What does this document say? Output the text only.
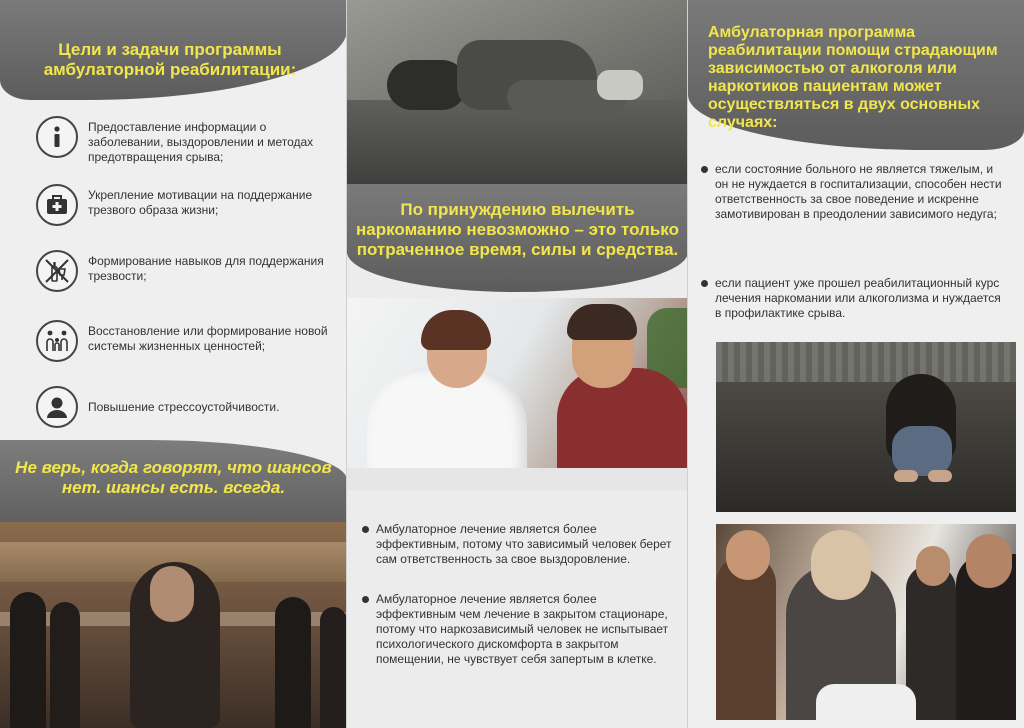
Цели и задачи программы амбулаторной реабилитации:

Предоставление информации о заболевании, выздоровлении и методах предотвращения срыва;

Укрепление мотивации на поддержание трезвого образа жизни;

Формирование навыков для поддержания трезвости;

Восстановление или формирование новой системы жизненных ценностей;

Повышение стрессоустойчивости.

Не верь, когда говорят, что шансов нет. шансы есть. всегда.

По принуждению вылечить наркоманию невозможно – это только потраченное время, силы и средства.
Амбулаторное лечение является более эффективным, потому что зависимый человек берет сам ответственность за свое выздоровление.
Амбулаторное лечение является более эффективным чем лечение в закрытом стационаре, потому что наркозависимый человек не испытывает психологического дискомфорта в закрытом помещении, не чувствует себя запертым в клетке.
Амбулаторная программа реабилитации помощи страдающим зависимостью от алкоголя или наркотиков пациентам может осуществляться в двух основных случаях:
если состояние больного не является тяжелым, и он не нуждается в госпитализации, способен нести ответственность за свое поведение и искренне замотивирован в преодолении зависимого недуга;
если пациент уже прошел реабилитационный курс лечения наркомании или алкоголизма и нуждается в профилактике срыва.
